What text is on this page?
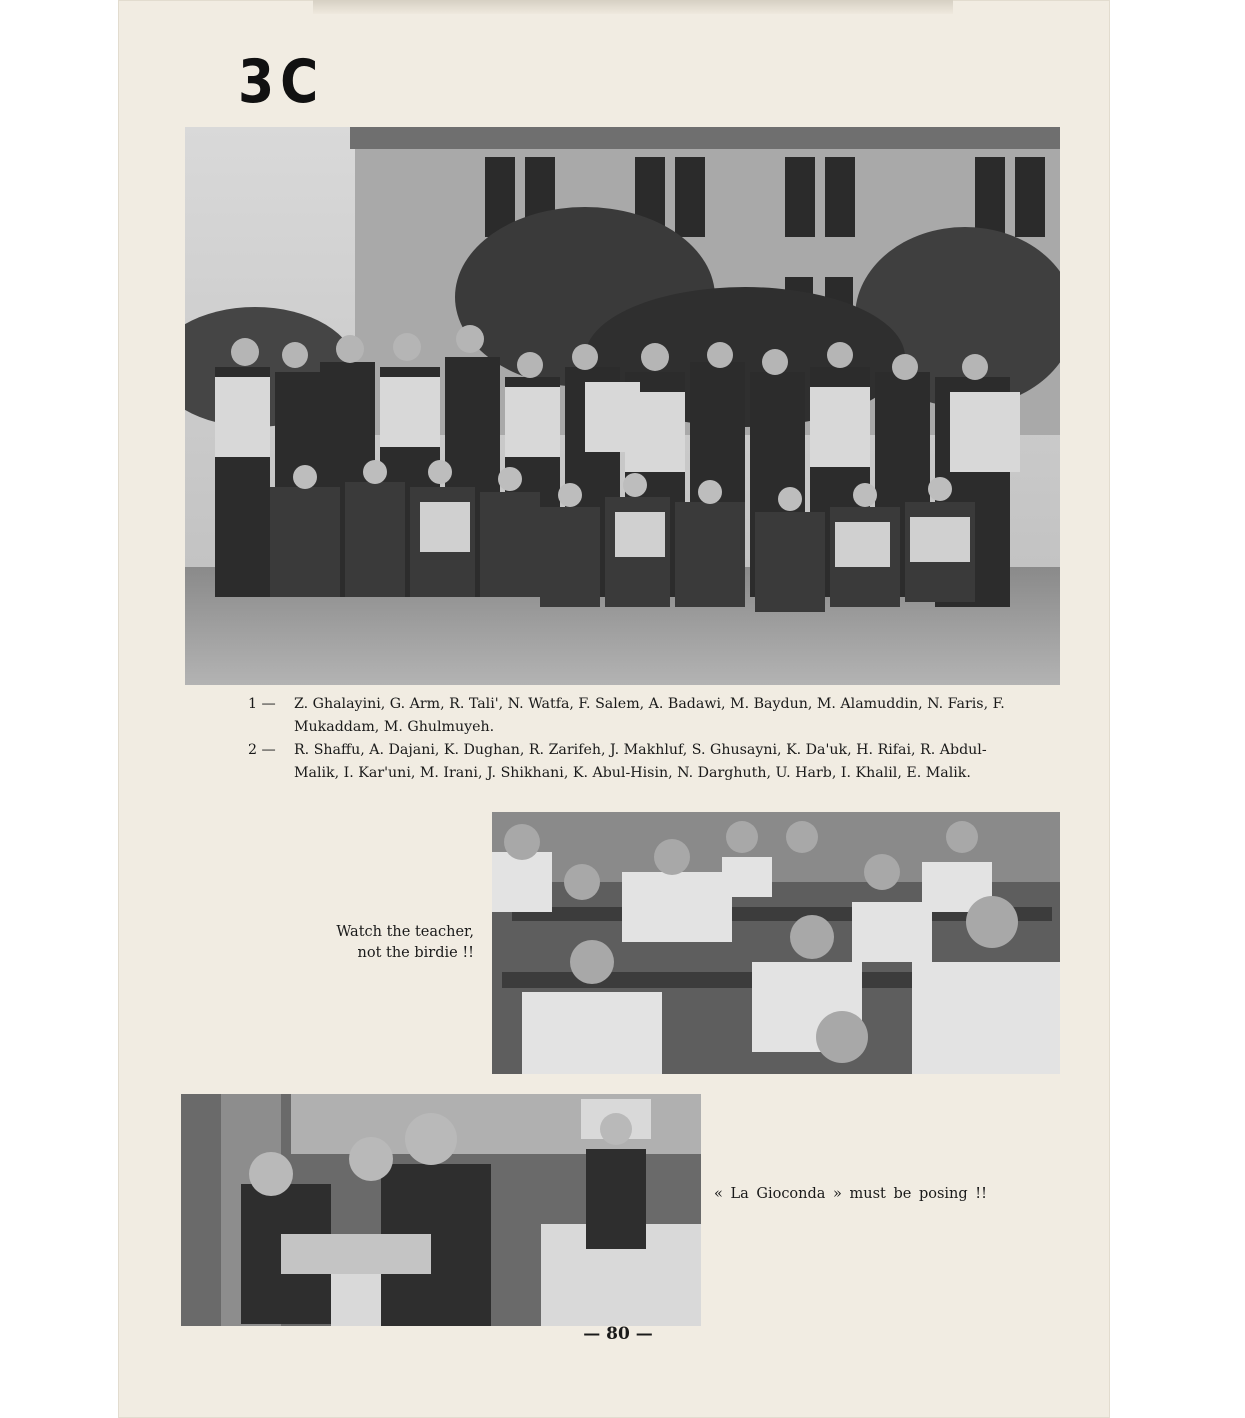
3C
1 — Z. Ghalayini, G. Arm, R. Tali', N. Watfa, F. Salem, A. Badawi, M. Baydun, M. Alamuddin, N. Faris, F. Mukaddam, M. Ghulmuyeh.
2 — R. Shaffu, A. Dajani, K. Dughan, R. Zarifeh, J. Makhluf, S. Ghusayni, K. Da'uk, H. Rifai, R. Abdul-Malik, I. Kar'uni, M. Irani, J. Shikhani, K. Abul-Hisin, N. Darghuth, U. Harb, I. Khalil, E. Malik.
Watch the teacher,
not the birdie !!
« La Gioconda » must be posing !!
— 80 —
